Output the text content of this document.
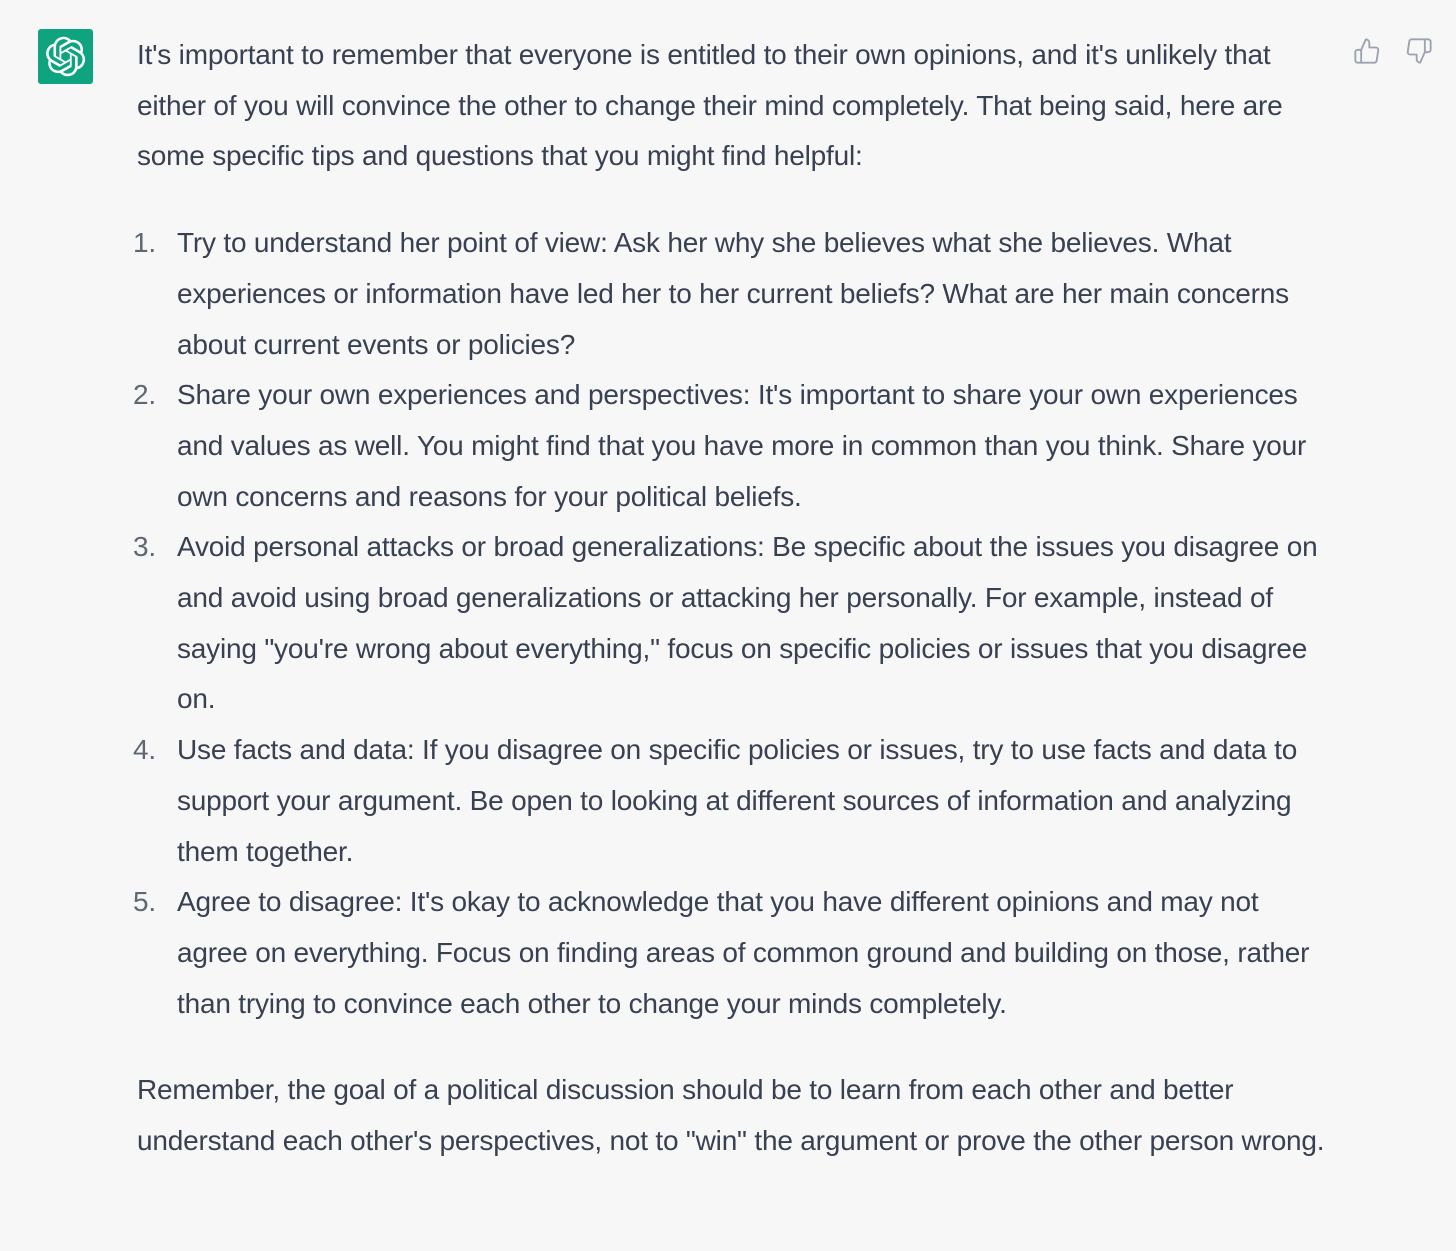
It's important to remember that everyone is entitled to their own opinions, and it's unlikely that either of you will convince the other to change their mind completely. That being said, here are some specific tips and questions that you might find helpful:

1. Try to understand her point of view: Ask her why she believes what she believes. What experiences or information have led her to her current beliefs? What are her main concerns about current events or policies?
2. Share your own experiences and perspectives: It's important to share your own experiences and values as well. You might find that you have more in common than you think. Share your own concerns and reasons for your political beliefs.
3. Avoid personal attacks or broad generalizations: Be specific about the issues you disagree on and avoid using broad generalizations or attacking her personally. For example, instead of saying "you're wrong about everything," focus on specific policies or issues that you disagree on.
4. Use facts and data: If you disagree on specific policies or issues, try to use facts and data to support your argument. Be open to looking at different sources of information and analyzing them together.
5. Agree to disagree: It's okay to acknowledge that you have different opinions and may not agree on everything. Focus on finding areas of common ground and building on those, rather than trying to convince each other to change your minds completely.

Remember, the goal of a political discussion should be to learn from each other and better understand each other's perspectives, not to "win" the argument or prove the other person wrong.
